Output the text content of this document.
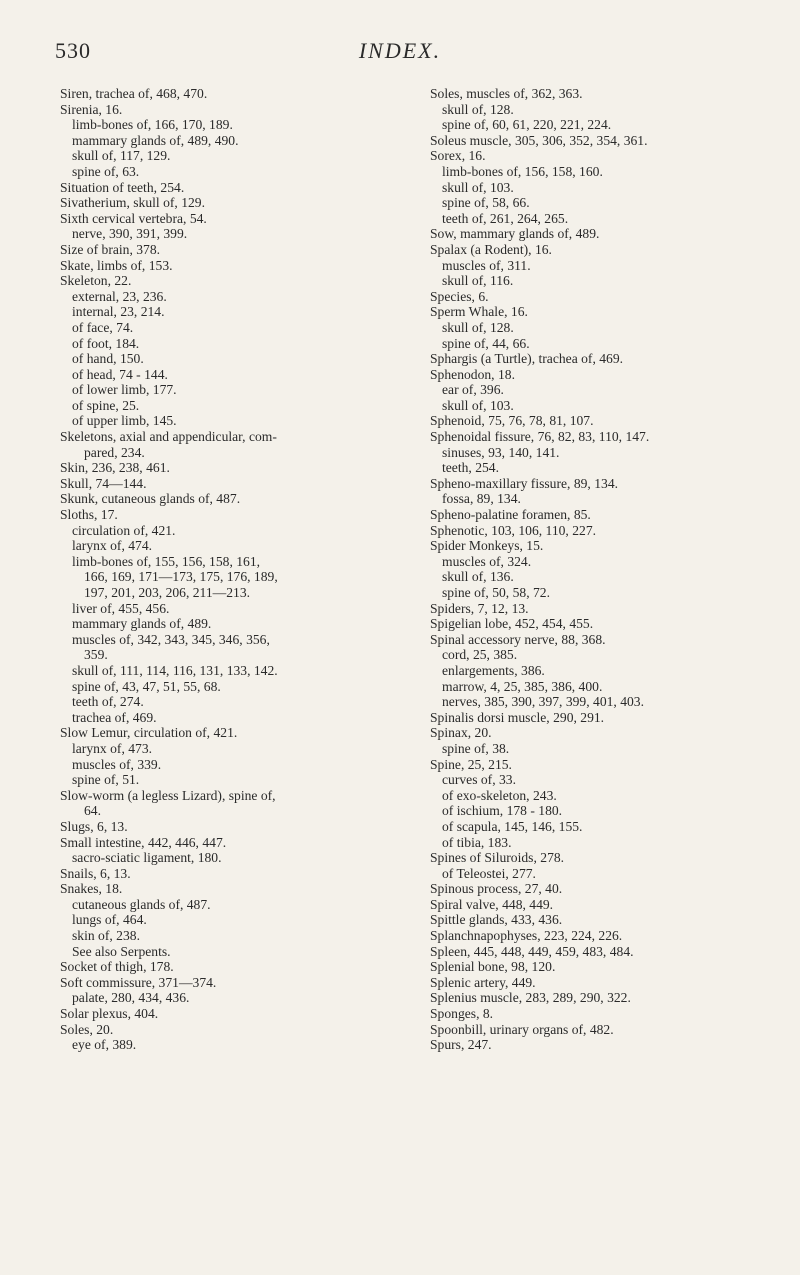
530	INDEX.
Siren, trachea of, 468, 470.
Sirenia, 16.
limb-bones of, 166, 170, 189.
mammary glands of, 489, 490.
skull of, 117, 129.
spine of, 63.
Situation of teeth, 254.
Sivatherium, skull of, 129.
Sixth cervical vertebra, 54.
nerve, 390, 391, 399.
Size of brain, 378.
Skate, limbs of, 153.
Skeleton, 22.
external, 23, 236.
internal, 23, 214.
of face, 74.
of foot, 184.
of hand, 150.
of head, 74 - 144.
of lower limb, 177.
of spine, 25.
of upper limb, 145.
Skeletons, axial and appendicular, com-
pared, 234.
Skin, 236, 238, 461.
Skull, 74—144.
Skunk, cutaneous glands of, 487.
Sloths, 17.
circulation of, 421.
larynx of, 474.
limb-bones of, 155, 156, 158, 161,
166, 169, 171—173, 175, 176, 189,
197, 201, 203, 206, 211—213.
liver of, 455, 456.
mammary glands of, 489.
muscles of, 342, 343, 345, 346, 356,
359.
skull of, 111, 114, 116, 131, 133, 142.
spine of, 43, 47, 51, 55, 68.
teeth of, 274.
trachea of, 469.
Slow Lemur, circulation of, 421.
larynx of, 473.
muscles of, 339.
spine of, 51.
Slow-worm (a legless Lizard), spine of,
64.
Slugs, 6, 13.
Small intestine, 442, 446, 447.
sacro-sciatic ligament, 180.
Snails, 6, 13.
Snakes, 18.
cutaneous glands of, 487.
lungs of, 464.
skin of, 238.
See also Serpents.
Socket of thigh, 178.
Soft commissure, 371—374.
palate, 280, 434, 436.
Solar plexus, 404.
Soles, 20.
eye of, 389.
Soles, muscles of, 362, 363.
skull of, 128.
spine of, 60, 61, 220, 221, 224.
Soleus muscle, 305, 306, 352, 354, 361.
Sorex, 16.
limb-bones of, 156, 158, 160.
skull of, 103.
spine of, 58, 66.
teeth of, 261, 264, 265.
Sow, mammary glands of, 489.
Spalax (a Rodent), 16.
muscles of, 311.
skull of, 116.
Species, 6.
Sperm Whale, 16.
skull of, 128.
spine of, 44, 66.
Sphargis (a Turtle), trachea of, 469.
Sphenodon, 18.
ear of, 396.
skull of, 103.
Sphenoid, 75, 76, 78, 81, 107.
Sphenoidal fissure, 76, 82, 83, 110, 147.
sinuses, 93, 140, 141.
teeth, 254.
Spheno-maxillary fissure, 89, 134.
fossa, 89, 134.
Spheno-palatine foramen, 85.
Sphenotic, 103, 106, 110, 227.
Spider Monkeys, 15.
muscles of, 324.
skull of, 136.
spine of, 50, 58, 72.
Spiders, 7, 12, 13.
Spigelian lobe, 452, 454, 455.
Spinal accessory nerve, 88, 368.
cord, 25, 385.
enlargements, 386.
marrow, 4, 25, 385, 386, 400.
nerves, 385, 390, 397, 399, 401, 403.
Spinalis dorsi muscle, 290, 291.
Spinax, 20.
spine of, 38.
Spine, 25, 215.
curves of, 33.
of exo-skeleton, 243.
of ischium, 178 - 180.
of scapula, 145, 146, 155.
of tibia, 183.
Spines of Siluroids, 278.
of Teleostei, 277.
Spinous process, 27, 40.
Spiral valve, 448, 449.
Spittle glands, 433, 436.
Splanchnapophyses, 223, 224, 226.
Spleen, 445, 448, 449, 459, 483, 484.
Splenial bone, 98, 120.
Splenic artery, 449.
Splenius muscle, 283, 289, 290, 322.
Sponges, 8.
Spoonbill, urinary organs of, 482.
Spurs, 247.
